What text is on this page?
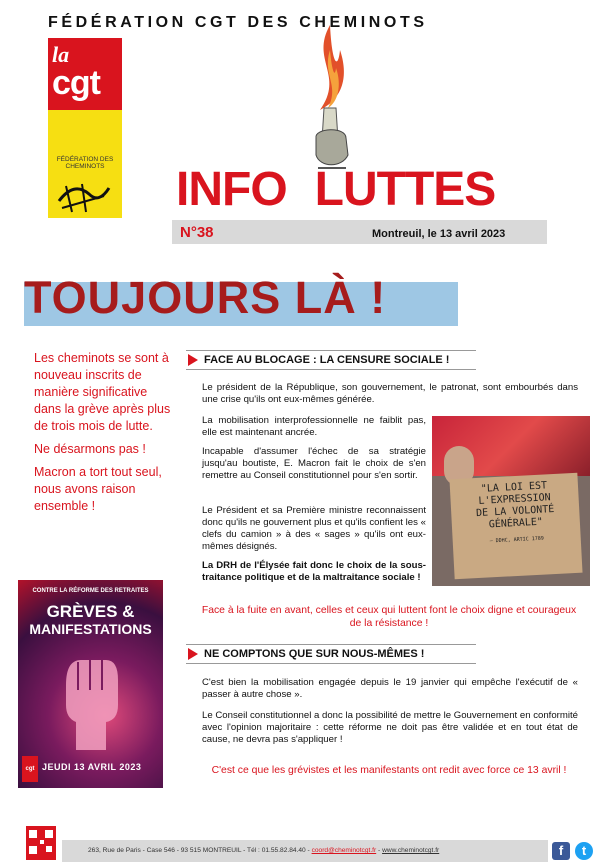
FÉDÉRATION CGT DES CHEMINOTS
la
cgt
FÉDÉRATION DES CHEMINOTS	INFO LUTTES
N°38	Montreuil, le 13 avril 2023
TOUJOURS LÀ !

Les cheminots se sont à nouveau inscrits de manière significative dans la grève après plus de trois mois de lutte.

Ne désarmons pas !

Macron a tort tout seul, nous avons raison ensemble !

CONTRE LA RÉFORME DES RETRAITES
GRÈVES &
MANIFESTATIONS
cgt JEUDI 13 AVRIL 2023
FACE AU BLOCAGE : LA CENSURE SOCIALE !
Le président de la République, son gouvernement, le patronat, sont embourbés dans une crise qu'ils ont eux-mêmes générée.
La mobilisation interprofessionnelle ne faiblit pas, elle est maintenant ancrée.
Incapable d'assumer l'échec de sa stratégie jusqu'au boutiste, E. Macron fait le choix de s'en remettre au Conseil constitutionnel pour s'en sortir.
Le Président et sa Première ministre reconnaissent donc qu'ils ne gouvernent plus et qu'ils confient les « clefs du camion » à des « sages » qu'ils ont eux-mêmes désignés.
La DRH de l'Élysée fait donc le choix de la sous-traitance politique et de la maltraitance sociale !
Face à la fuite en avant, celles et ceux qui luttent font le choix digne et courageux de la résistance !
"LA LOI EST
L'EXPRESSION
DE LA VOLONTÉ
GÉNÉRALE"
— DDHC, ARTIC 1789
NE COMPTONS QUE SUR NOUS-MÊMES !
C'est bien la mobilisation engagée depuis le 19 janvier qui empêche l'exécutif de « passer à autre chose ».
Le Conseil constitutionnel a donc la possibilité de mettre le Gouvernement en conformité avec l'opinion majoritaire : cette réforme ne doit pas être validée et en tout état de cause, ne devra pas s'appliquer !
C'est ce que les grévistes et les manifestants ont redit avec force ce 13 avril !
263, Rue de Paris - Case 546 - 93 515 MONTREUIL - Tél : 01.55.82.84.40 - coord@cheminotcgt.fr - www.cheminotcgt.fr	f	t
